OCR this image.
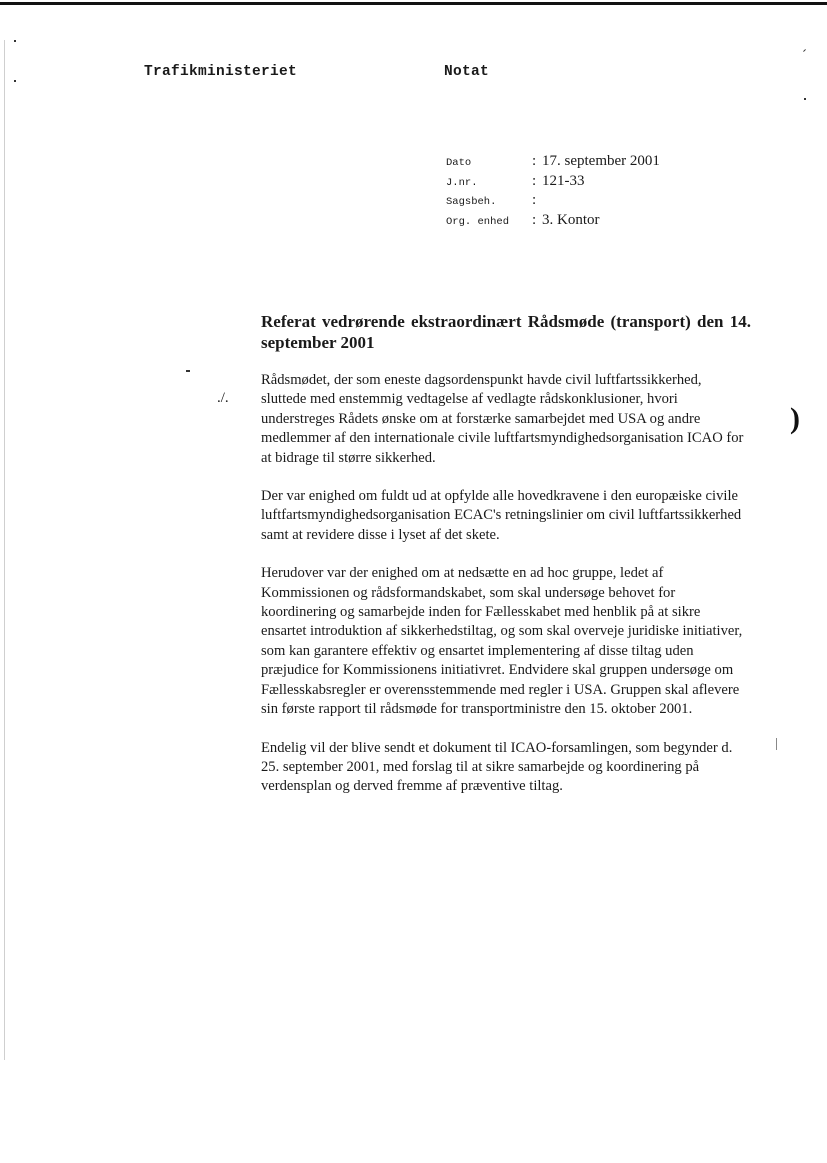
Trafikministeriet	Notat
Dato	: 17. september 2001
J.nr.	: 121-33
Sagsbeh.	:
Org. enhed	: 3. Kontor
Referat vedrørende ekstraordinært Rådsmøde (transport) den 14. september 2001
./.

Rådsmødet, der som eneste dagsordenspunkt havde civil luftfartssikkerhed, sluttede med enstemmig vedtagelse af vedlagte rådskonklusioner, hvori understreges Rådets ønske om at forstærke samarbejdet med USA og andre medlemmer af den internationale civile luftfartsmyndighedsorganisation ICAO for at bidrage til større sikkerhed.

Der var enighed om fuldt ud at opfylde alle hovedkravene i den europæiske civile luftfartsmyndighedsorganisation ECAC's retningslinier om civil luftfartssikkerhed samt at revidere disse i lyset af det skete.

Herudover var der enighed om at nedsætte en ad hoc gruppe, ledet af Kommissionen og rådsformandskabet, som skal undersøge behovet for koordinering og samarbejde inden for Fællesskabet med henblik på at sikre ensartet introduktion af sikkerhedstiltag, og som skal overveje juridiske initiativer, som kan garantere effektiv og ensartet implementering af disse tiltag uden præjudice for Kommissionens initiativret. Endvidere skal gruppen undersøge om Fællesskabsregler er overensstemmende med regler i USA. Gruppen skal aflevere sin første rapport til rådsmøde for transportministre den 15. oktober 2001.

Endelig vil der blive sendt et dokument til ICAO-forsamlingen, som begynder d. 25. september 2001, med forslag til at sikre samarbejde og koordinering på verdensplan og derved fremme af præventive tiltag.

)
